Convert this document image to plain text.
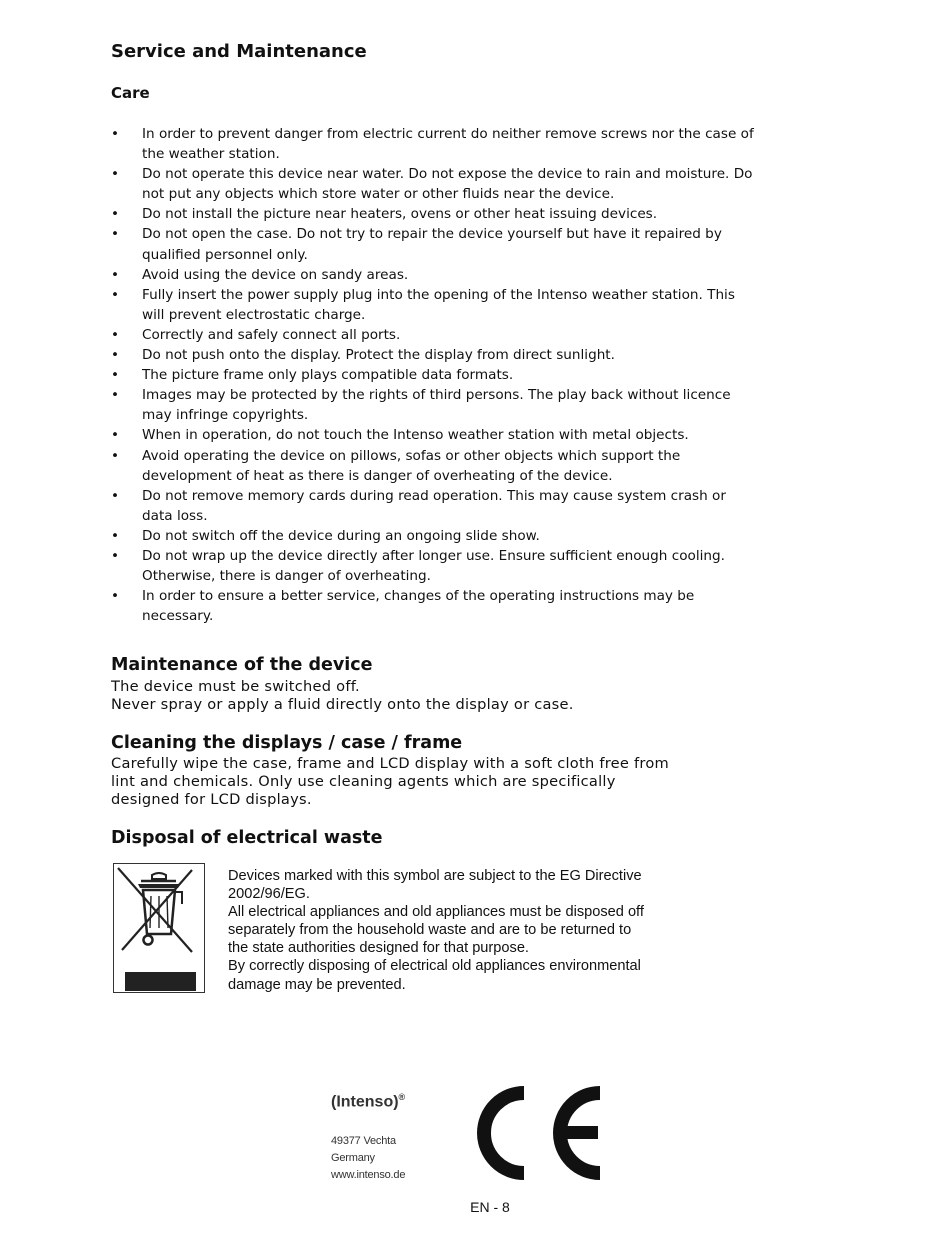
Service and Maintenance
Care
• In order to prevent danger from electric current do neither remove screws nor the case of
the weather station.
• Do not operate this device near water. Do not expose the device to rain and moisture. Do
not put any objects which store water or other fluids near the device.
• Do not install the picture near heaters, ovens or other heat issuing devices.
• Do not open the case. Do not try to repair the device yourself but have it repaired by
qualified personnel only.
• Avoid using the device on sandy areas.
• Fully insert the power supply plug into the opening of the Intenso weather station. This
will prevent electrostatic charge.
• Correctly and safely connect all ports.
• Do not push onto the display. Protect the display from direct sunlight.
• The picture frame only plays compatible data formats.
• Images may be protected by the rights of third persons. The play back without licence
may infringe copyrights.
• When in operation, do not touch the Intenso weather station with metal objects.
• Avoid operating the device on pillows, sofas or other objects which support the
development of heat as there is danger of overheating of the device.
• Do not remove memory cards during read operation. This may cause system crash or
data loss.
• Do not switch off the device during an ongoing slide show.
• Do not wrap up the device directly after longer use. Ensure sufficient enough cooling.
Otherwise, there is danger of overheating.
• In order to ensure a better service, changes of the operating instructions may be
necessary.
Maintenance of the device
The device must be switched off.
Never spray or apply a fluid directly onto the display or case.
Cleaning the displays / case / frame
Carefully wipe the case, frame and LCD display with a soft cloth free from
lint and chemicals. Only use cleaning agents which are specifically
designed for LCD displays.
Disposal of electrical waste
Devices marked with this symbol are subject to the EG Directive
2002/96/EG.
All electrical appliances and old appliances must be disposed off
separately from the household waste and are to be returned to
the state authorities designed for that purpose.
By correctly disposing of electrical old appliances environmental
damage may be prevented.
(Intenso)®
49377 Vechta
Germany
www.intenso.de
EN - 8
